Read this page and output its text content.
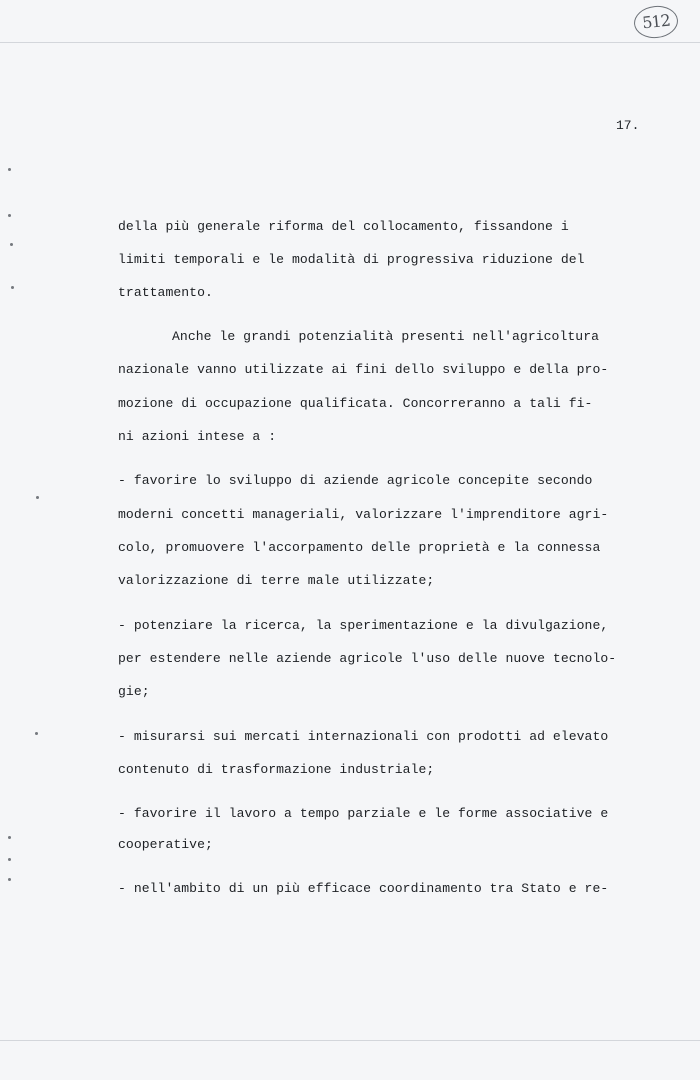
512
17.
della più generale riforma del collocamento, fissandone i
limiti temporali e le modalità di progressiva riduzione del
trattamento.
Anche le grandi potenzialità presenti nell'agricoltura
nazionale vanno utilizzate ai fini dello sviluppo e della pro-
mozione di occupazione qualificata. Concorreranno a tali fi-
ni azioni intese a :
- favorire lo sviluppo di aziende agricole concepite secondo
moderni concetti manageriali, valorizzare l'imprenditore agri-
colo, promuovere l'accorpamento delle proprietà e la connessa
valorizzazione di terre male utilizzate;
- potenziare la ricerca, la sperimentazione e la divulgazione,
per estendere nelle aziende agricole l'uso delle nuove tecnolo-
gie;
- misurarsi sui mercati internazionali con prodotti ad elevato
contenuto di trasformazione industriale;
- favorire il lavoro a tempo parziale e le forme associative e
cooperative;
- nell'ambito di un più efficace coordinamento tra Stato e re-
